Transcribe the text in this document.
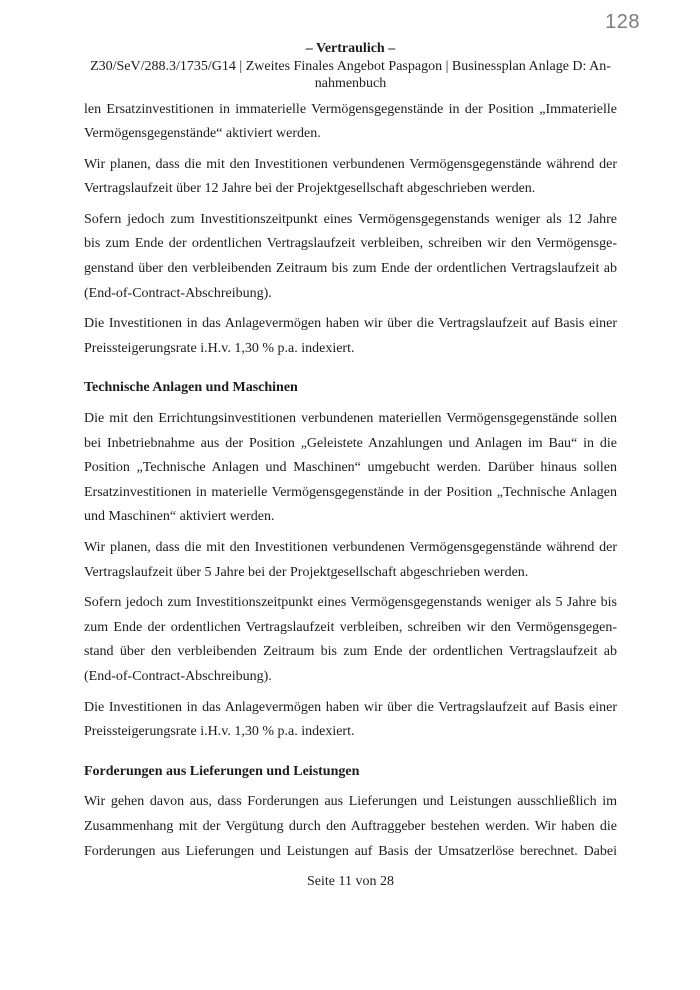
128
– Vertraulich –
Z30/SeV/288.3/1735/G14 | Zweites Finales Angebot Paspagon | Businessplan Anlage D: An-
nahmenbuch
len Ersatzinvestitionen in immaterielle Vermögensgegenstände in der Position „Immaterielle
Vermögensgegenstände“ aktiviert werden.
Wir planen, dass die mit den Investitionen verbundenen Vermögensgegenstände während der
Vertragslaufzeit über 12 Jahre bei der Projektgesellschaft abgeschrieben werden.
Sofern jedoch zum Investitionszeitpunkt eines Vermögensgegenstands weniger als 12 Jahre
bis zum Ende der ordentlichen Vertragslaufzeit verbleiben, schreiben wir den Vermögensge-
genstand über den verbleibenden Zeitraum bis zum Ende der ordentlichen Vertragslaufzeit ab
(End-of-Contract-Abschreibung).
Die Investitionen in das Anlagevermögen haben wir über die Vertragslaufzeit auf Basis einer
Preissteigerungsrate i.H.v. 1,30 % p.a. indexiert.
Technische Anlagen und Maschinen
Die mit den Errichtungsinvestitionen verbundenen materiellen Vermögensgegenstände sollen
bei Inbetriebnahme aus der Position „Geleistete Anzahlungen und Anlagen im Bau“ in die
Position „Technische Anlagen und Maschinen“ umgebucht werden. Darüber hinaus sollen
Ersatzinvestitionen in materielle Vermögensgegenstände in der Position „Technische Anlagen
und Maschinen“ aktiviert werden.
Wir planen, dass die mit den Investitionen verbundenen Vermögensgegenstände während der
Vertragslaufzeit über 5 Jahre bei der Projektgesellschaft abgeschrieben werden.
Sofern jedoch zum Investitionszeitpunkt eines Vermögensgegenstands weniger als 5 Jahre bis
zum Ende der ordentlichen Vertragslaufzeit verbleiben, schreiben wir den Vermögensgegen-
stand über den verbleibenden Zeitraum bis zum Ende der ordentlichen Vertragslaufzeit ab
(End-of-Contract-Abschreibung).
Die Investitionen in das Anlagevermögen haben wir über die Vertragslaufzeit auf Basis einer
Preissteigerungsrate i.H.v. 1,30 % p.a. indexiert.
Forderungen aus Lieferungen und Leistungen
Wir gehen davon aus, dass Forderungen aus Lieferungen und Leistungen ausschließlich im
Zusammenhang mit der Vergütung durch den Auftraggeber bestehen werden. Wir haben die
Forderungen aus Lieferungen und Leistungen auf Basis der Umsatzerlöse berechnet. Dabei
Seite 11 von 28
